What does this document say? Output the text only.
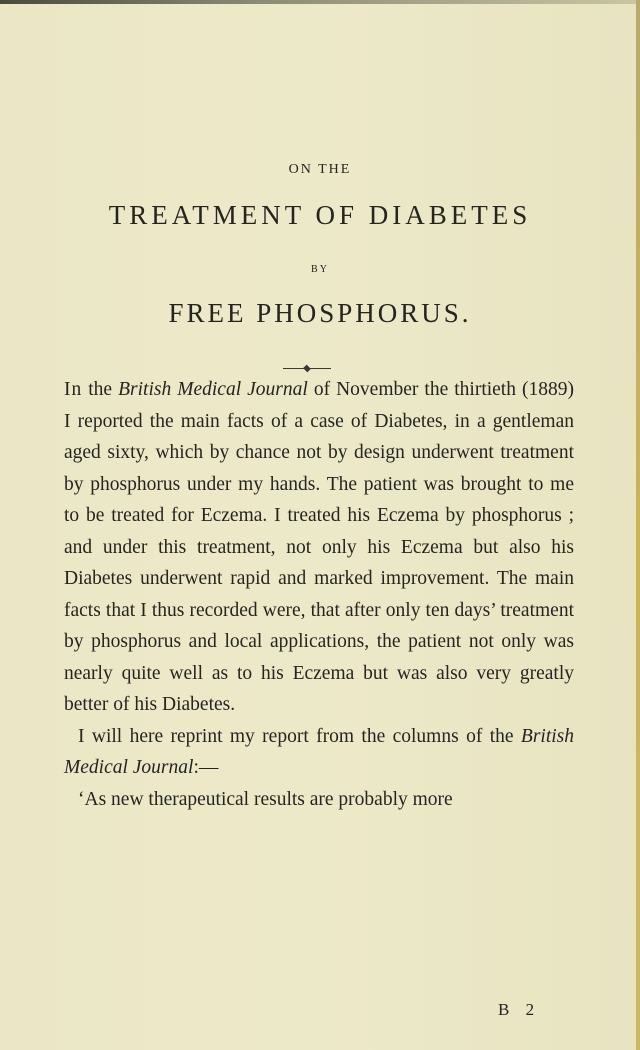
ON THE
TREATMENT OF DIABETES
BY
FREE PHOSPHORUS.

In the British Medical Journal of November the thirtieth (1889) I reported the main facts of a case of Diabetes, in a gentleman aged sixty, which by chance not by design underwent treatment by phosphorus under my hands. The patient was brought to me to be treated for Eczema. I treated his Eczema by phosphorus ; and under this treatment, not only his Eczema but also his Diabetes underwent rapid and marked improvement. The main facts that I thus recorded were, that after only ten days’ treatment by phosphorus and local applications, the patient not only was nearly quite well as to his Eczema but was also very greatly better of his Diabetes.

I will here reprint my report from the columns of the British Medical Journal:—

‘As new therapeutical results are probably more

B 2
